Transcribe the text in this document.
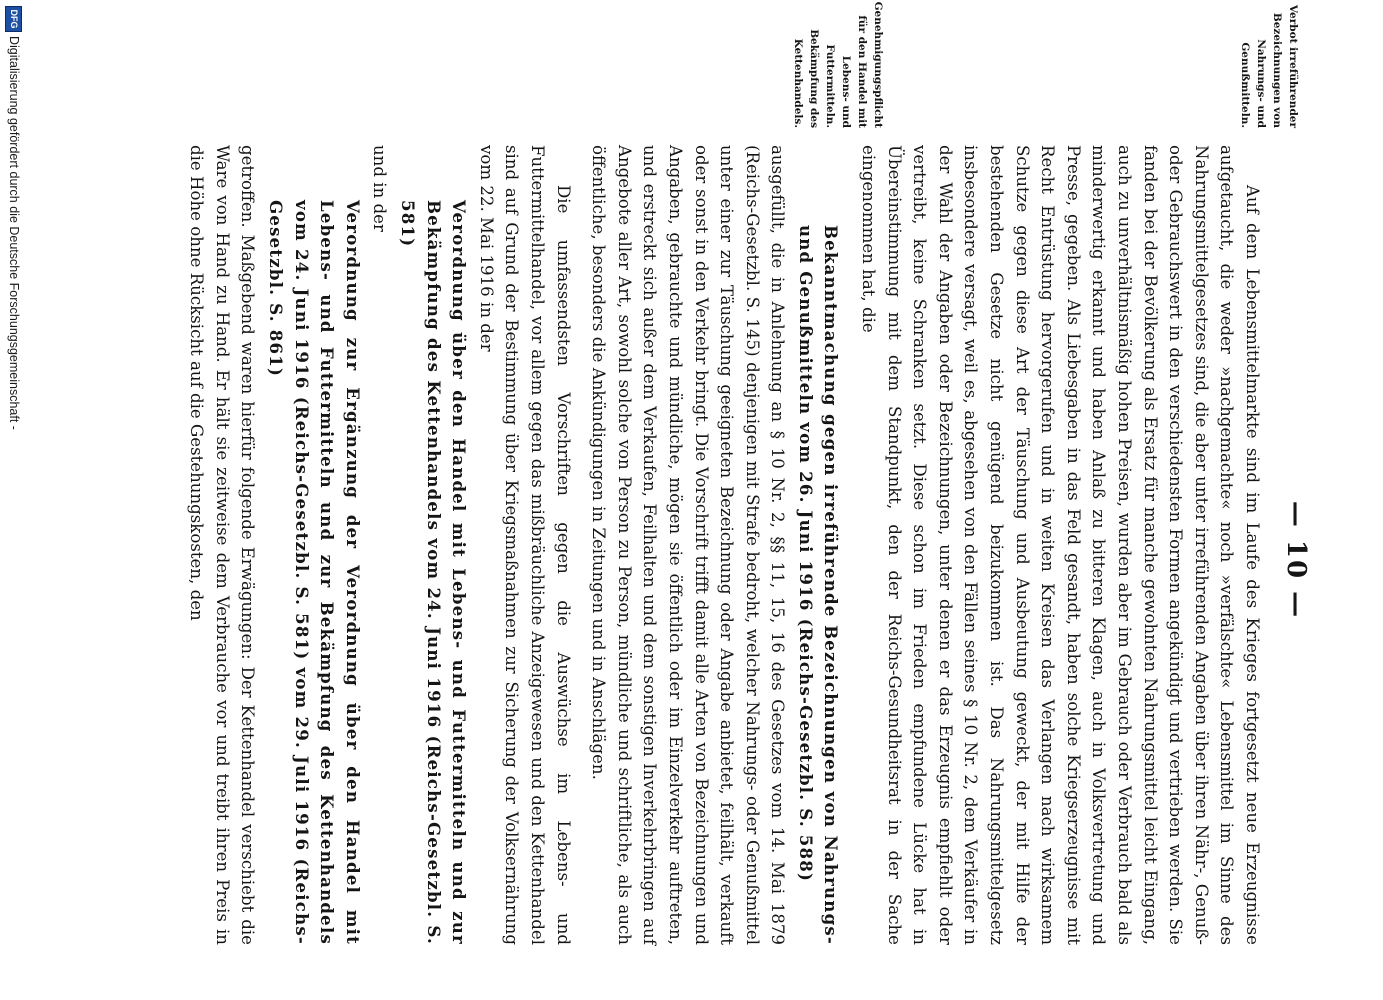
— 10 —
Verbot irreführender Bezeichnungen von Nahrungs- und Genußmitteln.
Genehmigungspflicht für den Handel mit Lebens- und Futtermitteln. Bekämpfung des Kettenhandels.

Auf dem Lebensmittelmarkte sind im Laufe des Krieges fortgesetzt neue Erzeugnisse aufgetaucht, die weder »nachgemachte« noch »verfälschte« Lebensmittel im Sinne des Nahrungsmittelgesetzes sind, die aber unter irreführenden Angaben über ihren Nähr-, Genuß- oder Gebrauchswert in den verschiedensten Formen angekündigt und vertrieben werden. Sie fanden bei der Bevölkerung als Ersatz für manche gewohnten Nahrungsmittel leicht Eingang, auch zu unverhältnismäßig hohen Preisen, wurden aber im Gebrauch oder Verbrauch bald als minderwertig erkannt und haben Anlaß zu bitteren Klagen, auch in Volksvertretung und Presse, gegeben. Als Liebesgaben in das Feld gesandt, haben solche Kriegserzeugnisse mit Recht Entrüstung hervorgerufen und in weiten Kreisen das Verlangen nach wirksamem Schutze gegen diese Art der Täuschung und Ausbeutung geweckt, der mit Hilfe der bestehenden Gesetze nicht genügend beizukommen ist. Das Nahrungsmittelgesetz insbesondere versagt, weil es, abgesehen von den Fällen seines § 10 Nr. 2, dem Verkäufer in der Wahl der Angaben oder Bezeichnungen, unter denen er das Erzeugnis empfiehlt oder vertreibt, keine Schranken setzt. Diese schon im Frieden empfundene Lücke hat in Übereinstimmung mit dem Standpunkt, den der Reichs-Gesundheitsrat in der Sache eingenommen hat, die

Bekanntmachung gegen irreführende Bezeichnungen von Nahrungs- und Genußmitteln vom 26. Juni 1916 (Reichs-Gesetzbl. S. 588)

ausgefüllt, die in Anlehnung an § 10 Nr. 2, §§ 11, 15, 16 des Gesetzes vom 14. Mai 1879 (Reichs-Gesetzbl. S. 145) denjenigen mit Strafe bedroht, welcher Nahrungs- oder Genußmittel unter einer zur Täuschung geeigneten Bezeichnung oder Angabe anbietet, feilhält, verkauft oder sonst in den Verkehr bringt. Die Vorschrift trifft damit alle Arten von Bezeichnungen und Angaben, gebrauchte und mündliche, mögen sie öffentlich oder im Einzelverkehr auftreten, und erstreckt sich außer dem Verkaufen, Feilhalten und dem sonstigen Inverkehrbringen auf Angebote aller Art, sowohl solche von Person zu Person, mündliche und schriftliche, als auch öffentliche, besonders die Ankündigungen in Zeitungen und in Anschlägen.

Die umfassendsten Vorschriften gegen die Auswüchse im Lebens- und Futtermittelhandel, vor allem gegen das mißbräuchliche Anzeigewesen und den Kettenhandel sind auf Grund der Bestimmung über Kriegsmaßnahmen zur Sicherung der Volksernährung vom 22. Mai 1916 in der

Verordnung über den Handel mit Lebens- und Futtermitteln und zur Bekämpfung des Kettenhandels vom 24. Juni 1916 (Reichs-Gesetzbl. S. 581)

und in der

Verordnung zur Ergänzung der Verordnung über den Handel mit Lebens- und Futtermitteln und zur Bekämpfung des Kettenhandels vom 24. Juni 1916 (Reichs-Gesetzbl. S. 581) vom 29. Juli 1916 (Reichs-Gesetzbl. S. 861)

getroffen. Maßgebend waren hierfür folgende Erwägungen: Der Kettenhandel verschiebt die Ware von Hand zu Hand. Er hält sie zeitweise dem Verbrauche vor und treibt ihren Preis in die Höhe ohne Rücksicht auf die Gestehungskosten, den

DFG
Digitalisierung gefördert durch die Deutsche Forschungsgemeinschaft -
